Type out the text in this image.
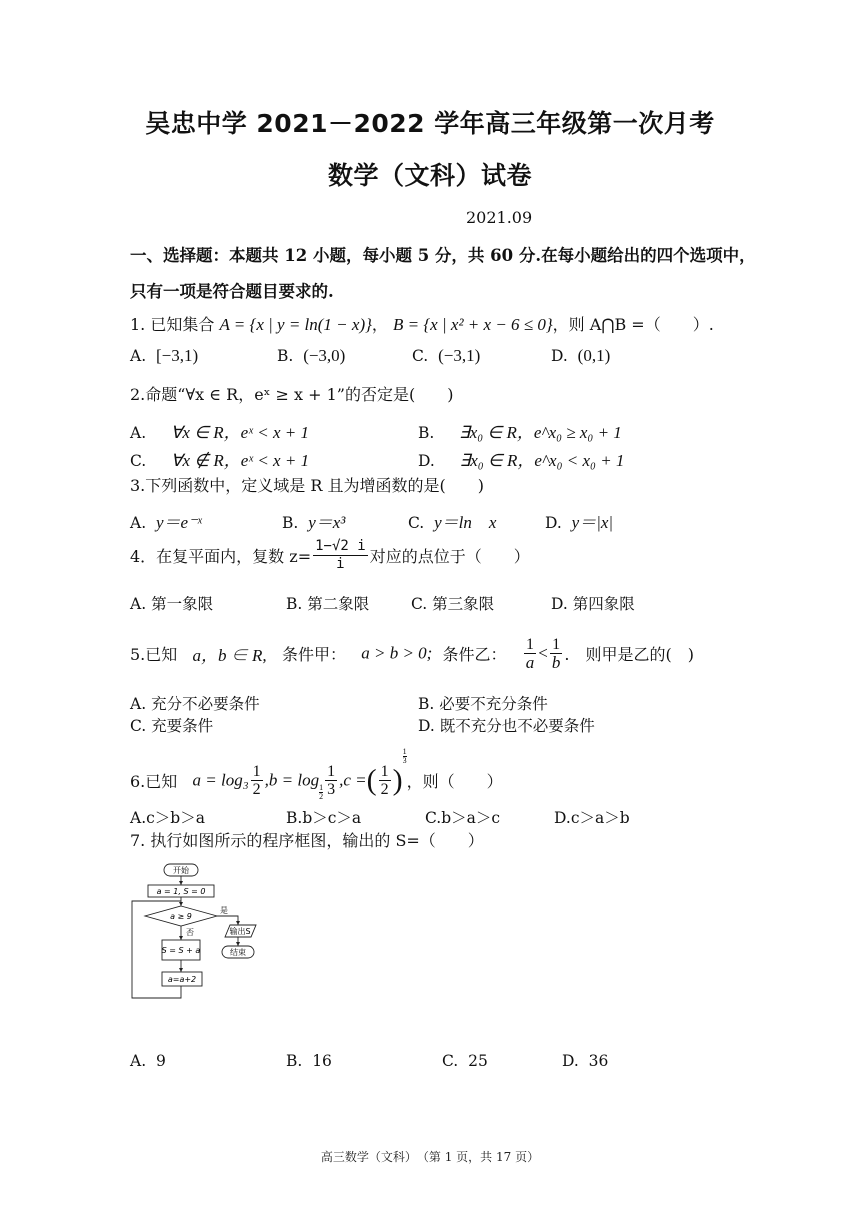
吴忠中学 2021－2022 学年高三年级第一次月考
数学（文科）试卷
2021.09
一、选择题：本题共 12 小题，每小题 5 分，共 60 分.在每小题给出的四个选项中，
只有一项是符合题目要求的.
1. 已知集合 A = {x | y = ln(1 − x)}， B = {x | x² + x − 6 ≤ 0}，则 A⋂B =（　　）.
A. [−3,1)	B. (−3,0)	C. (−3,1)	D. (0,1)
2.命题“∀x ∈ R，eˣ ≥ x + 1”的否定是(　　)
A. ∀x ∈ R，eˣ < x + 1	B. ∃x₀ ∈ R，e^x₀ ≥ x₀ + 1
C. ∀x ∉ R，eˣ < x + 1	D. ∃x₀ ∈ R，e^x₀ < x₀ + 1
3.下列函数中，定义域是 R 且为增函数的是(　　)
A. y＝e⁻ˣ	B. y＝x³	C. y＝ln　x	D. y＝|x|
4．在复平面内，复数 $z= \frac{1-√2 i}{i}$ 对应的点位于（　　）
A. 第一象限	B. 第二象限	C. 第三象限	D. 第四象限
5.已知 a，b ∈ R, 条件甲： a > b > 0; 条件乙： $\frac{1}{a} < \frac{1}{b}$ .　则甲是乙的(　)
A. 充分不必要条件	B. 必要不充分条件
C. 充要条件	D. 既不充分也不必要条件
6.已知 $a = \log_3 \frac{1}{2} ,b = \log$
$\frac{1}{2} \frac{1}{3} ,c$ =( $\frac{1}{2}$ )
$\frac{1}{3}$
，则（　　）
A.c＞b＞a	B.b＞c＞a	C.b＞a＞c	D.c＞a＞b
7. 执行如图所示的程序框图，输出的 S=（　　）
开始
a = 1, S = 0
a ≥ 9
是
否	输出S
结束
S = S + a
a=a+2
A. 9	B. 16	C. 25	D. 36
高三数学（文科）　（第 1 页，共 17 页）
